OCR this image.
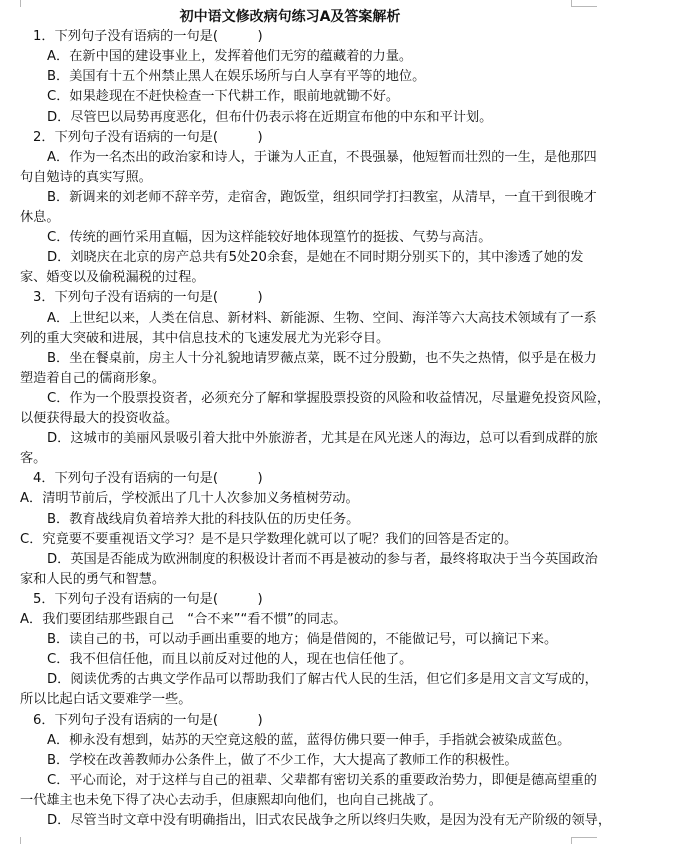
初中语文修改病句练习A及答案解析
1．下列句子没有语病的一句是(　　　)
A．在新中国的建设事业上，发挥着他们无穷的蕴藏着的力量。
B．美国有十五个州禁止黑人在娱乐场所与白人享有平等的地位。
C．如果趁现在不赶快检查一下代耕工作，眼前地就锄不好。
D．尽管巴以局势再度恶化，但布什仍表示将在近期宣布他的中东和平计划。
2．下列句子没有语病的一句是(　　　)
A．作为一名杰出的政治家和诗人，于谦为人正直，不畏强暴，他短暂而壮烈的一生，是他那四
句自勉诗的真实写照。
B．新调来的刘老师不辞辛劳，走宿舍，跑饭堂，组织同学打扫教室，从清早，一直干到很晚才
休息。
C．传统的画竹采用直幅，因为这样能较好地体现篁竹的挺拔、气势与高洁。
D．刘晓庆在北京的房产总共有5处20余套，是她在不同时期分别买下的，其中渗透了她的发
家、婚变以及偷税漏税的过程。
3．下列句子没有语病的一句是(　　　)
A．上世纪以来，人类在信息、新材料、新能源、生物、空间、海洋等六大高技术领域有了一系
列的重大突破和进展，其中信息技术的飞速发展尤为光彩夺目。
B．坐在餐桌前，房主人十分礼貌地请罗薇点菜，既不过分殷勤，也不失之热情，似乎是在极力
塑造着自己的儒商形象。
C．作为一个股票投资者，必须充分了解和掌握股票投资的风险和收益情况，尽量避免投资风险，
以便获得最大的投资收益。
D．这城市的美丽风景吸引着大批中外旅游者，尤其是在风光迷人的海边，总可以看到成群的旅
客。
4．下列句子没有语病的一句是(　　　)
A．清明节前后，学校派出了几十人次参加义务植树劳动。
B．教育战线肩负着培养大批的科技队伍的历史任务。
C．究竟要不要重视语文学习？是不是只学数理化就可以了呢？我们的回答是否定的。
D．英国是否能成为欧洲制度的积极设计者而不再是被动的参与者，最终将取决于当今英国政治
家和人民的勇气和智慧。
5．下列句子没有语病的一句是(　　　)
A．我们要团结那些跟自己　“合不来”“看不惯”的同志。
B．读自己的书，可以动手画出重要的地方；倘是借阅的，不能做记号，可以摘记下来。
C．我不但信任他，而且以前反对过他的人，现在也信任他了。
D．阅读优秀的古典文学作品可以帮助我们了解古代人民的生活，但它们多是用文言文写成的，
所以比起白话文要难学一些。
6．下列句子没有语病的一句是(　　　)
A．柳永没有想到，姑苏的天空竟这般的蓝，蓝得仿佛只要一伸手，手指就会被染成蓝色。
B．学校在改善教师办公条件上，做了不少工作，大大提高了教师工作的积极性。
C．平心而论，对于这样与自己的祖辈、父辈都有密切关系的重要政治势力，即便是德高望重的
一代雄主也未免下得了决心去动手，但康熙却向他们，也向自己挑战了。
D．尽管当时文章中没有明确指出，旧式农民战争之所以终归失败，是因为没有无产阶级的领导，
